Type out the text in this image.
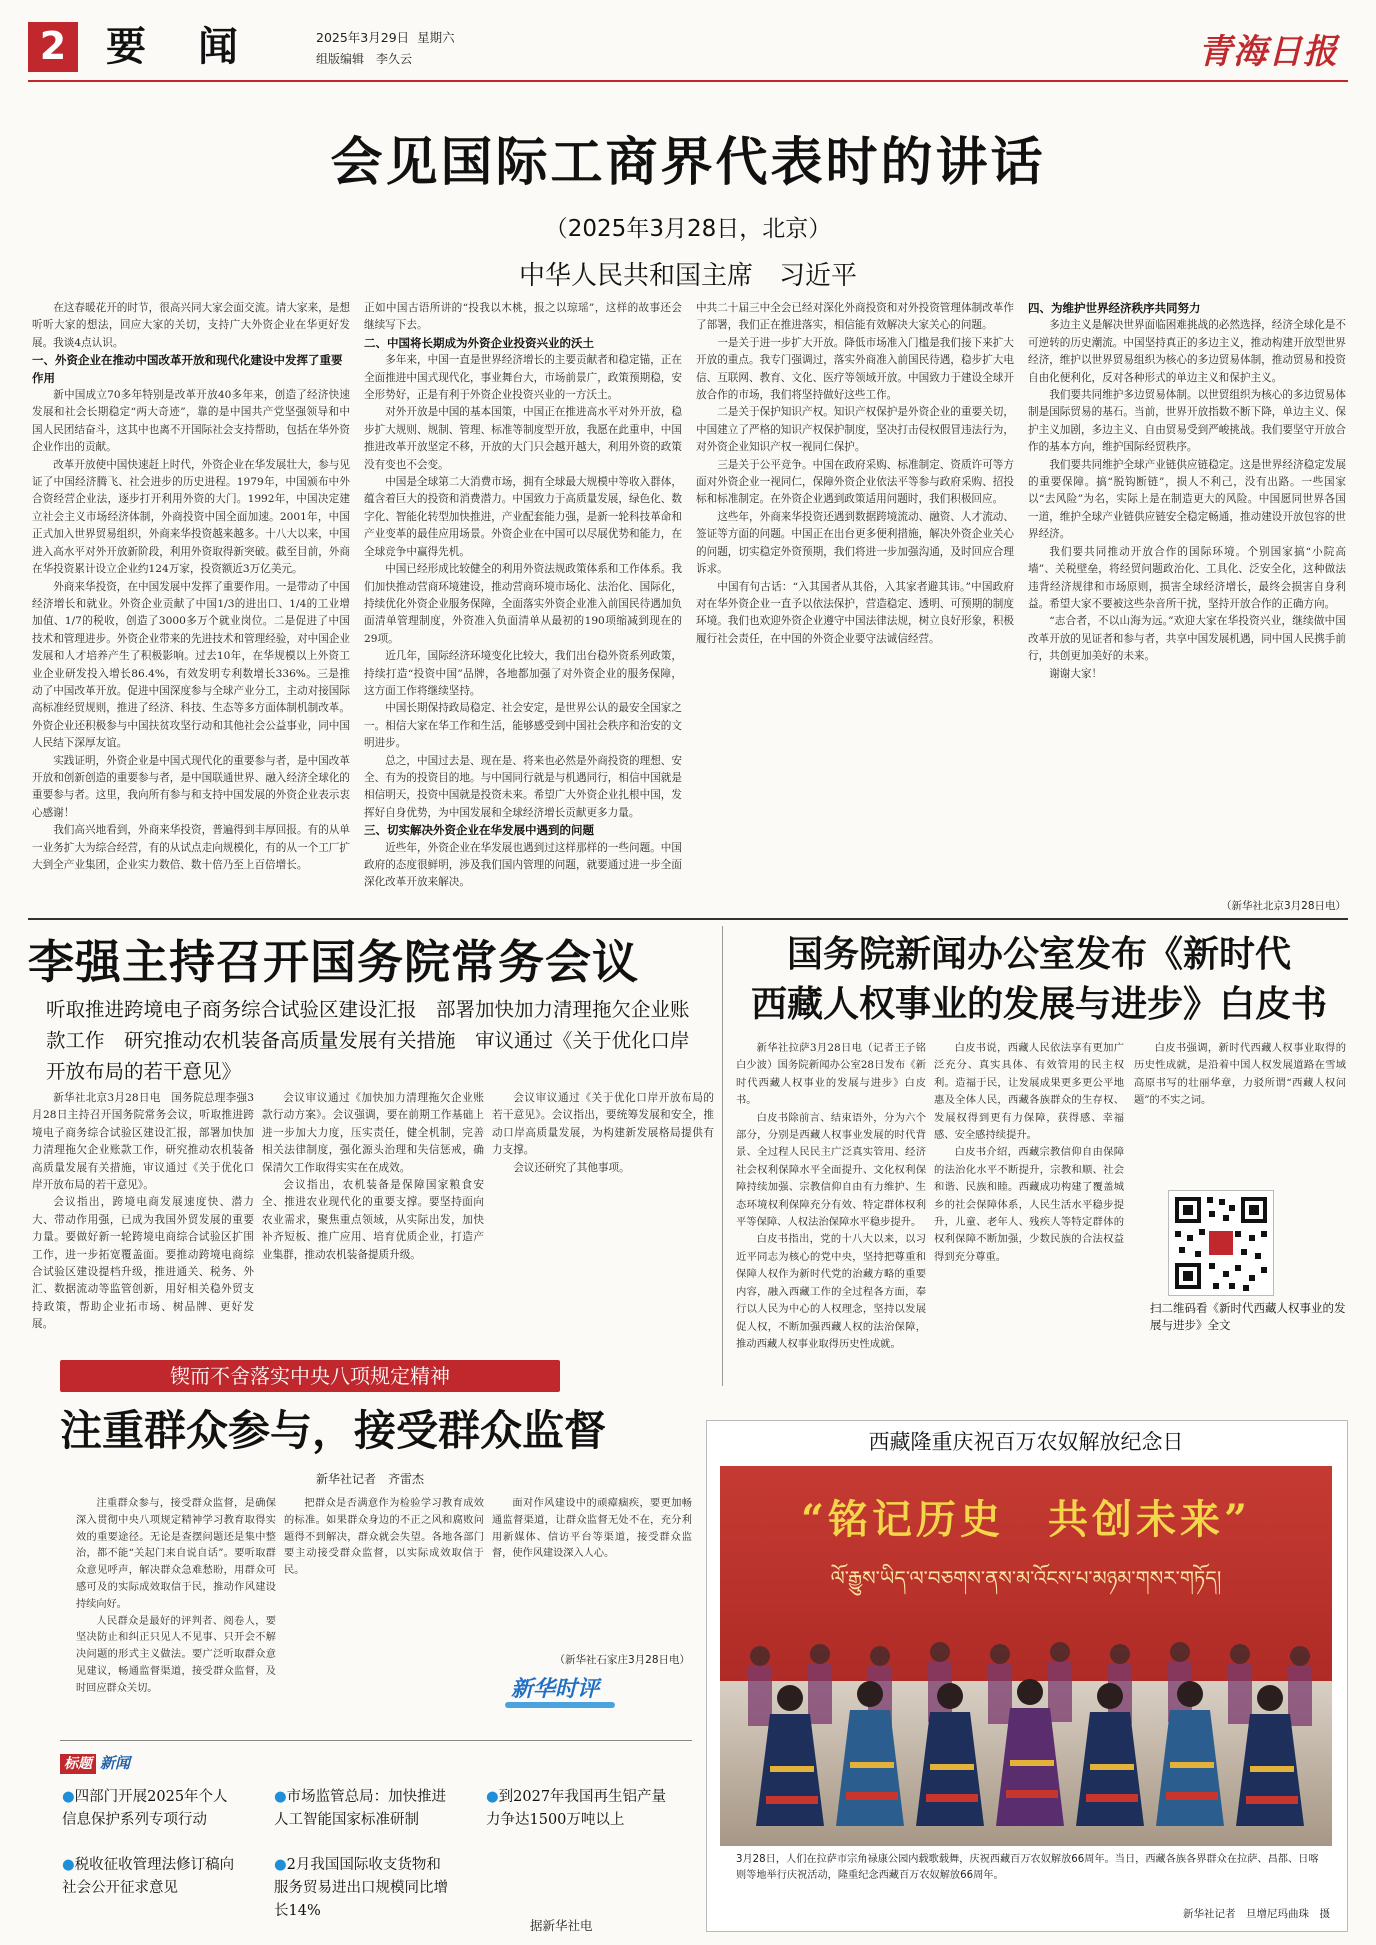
2 要　闻	2025年3月29日 星期六
组版编辑　李久云	青海日报
会见国际工商界代表时的讲话
（2025年3月28日，北京）
中华人民共和国主席　习近平

在这春暖花开的时节，很高兴同大家会面交流。请大家来，是想听听大家的想法，回应大家的关切，支持广大外资企业在华更好发展。我谈4点认识。

一、外资企业在推动中国改革开放和现代化建设中发挥了重要作用

新中国成立70多年特别是改革开放40多年来，创造了经济快速发展和社会长期稳定“两大奇迹”，靠的是中国共产党坚强领导和中国人民团结奋斗，这其中也离不开国际社会支持帮助，包括在华外资企业作出的贡献。

改革开放使中国快速赶上时代，外资企业在华发展壮大，参与见证了中国经济腾飞、社会进步的历史进程。1979年，中国颁布中外合资经营企业法，逐步打开利用外资的大门。1992年，中国决定建立社会主义市场经济体制，外商投资中国全面加速。2001年，中国正式加入世界贸易组织，外商来华投资越来越多。十八大以来，中国进入高水平对外开放新阶段，利用外资取得新突破。截至目前，外商在华投资累计设立企业约124万家，投资额近3万亿美元。

外商来华投资，在中国发展中发挥了重要作用。一是带动了中国经济增长和就业。外资企业贡献了中国1/3的进出口、1/4的工业增加值、1/7的税收，创造了3000多万个就业岗位。二是促进了中国技术和管理进步。外资企业带来的先进技术和管理经验，对中国企业发展和人才培养产生了积极影响。过去10年，在华规模以上外资工业企业研发投入增长86.4%，有效发明专利数增长336%。三是推动了中国改革开放。促进中国深度参与全球产业分工，主动对接国际高标准经贸规则，推进了经济、科技、生态等多方面体制机制改革。外资企业还积极参与中国扶贫攻坚行动和其他社会公益事业，同中国人民结下深厚友谊。

实践证明，外资企业是中国式现代化的重要参与者，是中国改革开放和创新创造的重要参与者，是中国联通世界、融入经济全球化的重要参与者。这里，我向所有参与和支持中国发展的外资企业表示衷心感谢！

我们高兴地看到，外商来华投资，普遍得到丰厚回报。有的从单一业务扩大为综合经营，有的从试点走向规模化，有的从一个工厂扩大到全产业集团，企业实力数倍、数十倍乃至上百倍增长。

正如中国古语所讲的“投我以木桃，报之以琼瑶”，这样的故事还会继续写下去。

二、中国将长期成为外资企业投资兴业的沃土

多年来，中国一直是世界经济增长的主要贡献者和稳定锚，正在全面推进中国式现代化，事业舞台大，市场前景广，政策预期稳，安全形势好，正是有利于外资企业投资兴业的一方沃土。

对外开放是中国的基本国策，中国正在推进高水平对外开放，稳步扩大规则、规制、管理、标准等制度型开放，我愿在此重申，中国推进改革开放坚定不移，开放的大门只会越开越大，利用外资的政策没有变也不会变。

中国是全球第二大消费市场，拥有全球最大规模中等收入群体，蕴含着巨大的投资和消费潜力。中国致力于高质量发展，绿色化、数字化、智能化转型加快推进，产业配套能力强，是新一轮科技革命和产业变革的最佳应用场景。外资企业在中国可以尽展优势和能力，在全球竞争中赢得先机。

中国已经形成比较健全的利用外资法规政策体系和工作体系。我们加快推动营商环境建设，推动营商环境市场化、法治化、国际化，持续优化外资企业服务保障，全面落实外资企业准入前国民待遇加负面清单管理制度，外资准入负面清单从最初的190项缩减到现在的29项。

近几年，国际经济环境变化比较大，我们出台稳外资系列政策，持续打造“投资中国”品牌，各地都加强了对外资企业的服务保障，这方面工作将继续坚持。

中国长期保持政局稳定、社会安定，是世界公认的最安全国家之一。相信大家在华工作和生活，能够感受到中国社会秩序和治安的文明进步。

总之，中国过去是、现在是、将来也必然是外商投资的理想、安全、有为的投资目的地。与中国同行就是与机遇同行，相信中国就是相信明天，投资中国就是投资未来。希望广大外资企业扎根中国，发挥好自身优势，为中国发展和全球经济增长贡献更多力量。

三、切实解决外资企业在华发展中遇到的问题

近些年，外资企业在华发展也遇到过这样那样的一些问题。中国政府的态度很鲜明，涉及我们国内管理的问题，就要通过进一步全面深化改革开放来解决。

中共二十届三中全会已经对深化外商投资和对外投资管理体制改革作了部署，我们正在推进落实，相信能有效解决大家关心的问题。

一是关于进一步扩大开放。降低市场准入门槛是我们接下来扩大开放的重点。我专门强调过，落实外商准入前国民待遇，稳步扩大电信、互联网、教育、文化、医疗等领域开放。中国致力于建设全球开放合作的市场，我们将坚持做好这些工作。

二是关于保护知识产权。知识产权保护是外资企业的重要关切，中国建立了严格的知识产权保护制度，坚决打击侵权假冒违法行为，对外资企业知识产权一视同仁保护。

三是关于公平竞争。中国在政府采购、标准制定、资质许可等方面对外资企业一视同仁，保障外资企业依法平等参与政府采购、招投标和标准制定。在外资企业遇到政策适用问题时，我们积极回应。

这些年，外商来华投资还遇到数据跨境流动、融资、人才流动、签证等方面的问题。中国正在出台更多便利措施，解决外资企业关心的问题，切实稳定外资预期，我们将进一步加强沟通，及时回应合理诉求。

中国有句古话：“入其国者从其俗，入其家者避其讳。”中国政府对在华外资企业一直予以依法保护，营造稳定、透明、可预期的制度环境。我们也欢迎外资企业遵守中国法律法规，树立良好形象，积极履行社会责任，在中国的外资企业要守法诚信经营。

四、为维护世界经济秩序共同努力

多边主义是解决世界面临困难挑战的必然选择，经济全球化是不可逆转的历史潮流。中国坚持真正的多边主义，推动构建开放型世界经济，维护以世界贸易组织为核心的多边贸易体制，推动贸易和投资自由化便利化，反对各种形式的单边主义和保护主义。

我们要共同维护多边贸易体制。以世贸组织为核心的多边贸易体制是国际贸易的基石。当前，世界开放指数不断下降，单边主义、保护主义加剧，多边主义、自由贸易受到严峻挑战。我们要坚守开放合作的基本方向，维护国际经贸秩序。

我们要共同维护全球产业链供应链稳定。这是世界经济稳定发展的重要保障。搞“脱钩断链”，损人不利己，没有出路。一些国家以“去风险”为名，实际上是在制造更大的风险。中国愿同世界各国一道，维护全球产业链供应链安全稳定畅通，推动建设开放包容的世界经济。

我们要共同推动开放合作的国际环境。个别国家搞“小院高墙”、关税壁垒，将经贸问题政治化、工具化、泛安全化，这种做法违背经济规律和市场原则，损害全球经济增长，最终会损害自身利益。希望大家不要被这些杂音所干扰，坚持开放合作的正确方向。

“志合者，不以山海为远。”欢迎大家在华投资兴业，继续做中国改革开放的见证者和参与者，共享中国发展机遇，同中国人民携手前行，共创更加美好的未来。

谢谢大家！

（新华社北京3月28日电）
李强主持召开国务院常务会议
听取推进跨境电子商务综合试验区建设汇报　部署加快加力清理拖欠企业账款工作　研究推动农机装备高质量发展有关措施　审议通过《关于优化口岸开放布局的若干意见》

新华社北京3月28日电　国务院总理李强3月28日主持召开国务院常务会议，听取推进跨境电子商务综合试验区建设汇报，部署加快加力清理拖欠企业账款工作，研究推动农机装备高质量发展有关措施，审议通过《关于优化口岸开放布局的若干意见》。

会议指出，跨境电商发展速度快、潜力大、带动作用强，已成为我国外贸发展的重要力量。要做好新一轮跨境电商综合试验区扩围工作，进一步拓宽覆盖面。要推动跨境电商综合试验区建设提档升级，推进通关、税务、外汇、数据流动等监管创新，用好相关稳外贸支持政策，帮助企业拓市场、树品牌、更好发展。

会议审议通过《加快加力清理拖欠企业账款行动方案》。会议强调，要在前期工作基础上进一步加大力度，压实责任，健全机制，完善相关法律制度，强化源头治理和失信惩戒，确保清欠工作取得实实在在成效。

会议指出，农机装备是保障国家粮食安全、推进农业现代化的重要支撑。要坚持面向农业需求，聚焦重点领域，从实际出发，加快补齐短板、推广应用、培育优质企业，打造产业集群，推动农机装备提质升级。

会议审议通过《关于优化口岸开放布局的若干意见》。会议指出，要统筹发展和安全，推动口岸高质量发展，为构建新发展格局提供有力支撑。

会议还研究了其他事项。

国务院新闻办公室发布《新时代
西藏人权事业的发展与进步》白皮书

新华社拉萨3月28日电（记者王子铭　白少波）国务院新闻办公室28日发布《新时代西藏人权事业的发展与进步》白皮书。

白皮书除前言、结束语外，分为六个部分，分别是西藏人权事业发展的时代背景、全过程人民民主广泛真实管用、经济社会权利保障水平全面提升、文化权利保障持续加强、宗教信仰自由有力维护、生态环境权利保障充分有效、特定群体权利平等保障、人权法治保障水平稳步提升。

白皮书指出，党的十八大以来，以习近平同志为核心的党中央，坚持把尊重和保障人权作为新时代党的治藏方略的重要内容，融入西藏工作的全过程各方面，奉行以人民为中心的人权理念，坚持以发展促人权，不断加强西藏人权的法治保障，推动西藏人权事业取得历史性成就。

白皮书说，西藏人民依法享有更加广泛充分、真实具体、有效管用的民主权利。造福于民，让发展成果更多更公平地惠及全体人民，西藏各族群众的生存权、发展权得到更有力保障，获得感、幸福感、安全感持续提升。

白皮书介绍，西藏宗教信仰自由保障的法治化水平不断提升，宗教和顺、社会和谐、民族和睦。西藏成功构建了覆盖城乡的社会保障体系，人民生活水平稳步提升，儿童、老年人、残疾人等特定群体的权利保障不断加强，少数民族的合法权益得到充分尊重。

白皮书强调，新时代西藏人权事业取得的历史性成就，是沿着中国人权发展道路在雪域高原书写的壮丽华章，力驳所谓“西藏人权问题”的不实之词。

扫二维码看《新时代西藏人权事业的发展与进步》全文
锲而不舍落实中央八项规定精神
注重群众参与，接受群众监督
新华社记者　齐雷杰

注重群众参与，接受群众监督，是确保深入贯彻中央八项规定精神学习教育取得实效的重要途径。无论是查摆问题还是集中整治，都不能“关起门来自说自话”。要听取群众意见呼声，解决群众急难愁盼，用群众可感可及的实际成效取信于民，推动作风建设持续向好。

人民群众是最好的评判者、阅卷人，要坚决防止和纠正只见人不见事、只开会不解决问题的形式主义做法。要广泛听取群众意见建议，畅通监督渠道，接受群众监督，及时回应群众关切。

把群众是否满意作为检验学习教育成效的标准。如果群众身边的不正之风和腐败问题得不到解决，群众就会失望。各地各部门要主动接受群众监督，以实际成效取信于民。

面对作风建设中的顽瘴痼疾，要更加畅通监督渠道，让群众监督无处不在，充分利用新媒体、信访平台等渠道，接受群众监督，使作风建设深入人心。

（新华社石家庄3月28日电）
新华时评
标题 新闻
●四部门开展2025年个人信息保护系列专项行动
●税收征收管理法修订稿向社会公开征求意见
●市场监管总局：加快推进人工智能国家标准研制
●2月我国国际收支货物和服务贸易进出口规模同比增长14%
●到2027年我国再生铝产量力争达1500万吨以上
据新华社电
西藏隆重庆祝百万农奴解放纪念日
“铭记历史　共创未来”
ལོ་རྒྱུས་ཡིད་ལ་བཅགས་ནས་མ་འོངས་པ་མཉམ་གསར་གཏོད།
3月28日，人们在拉萨市宗角禄康公园内载歌载舞，庆祝西藏百万农奴解放66周年。当日，西藏各族各界群众在拉萨、昌都、日喀则等地举行庆祝活动，隆重纪念西藏百万农奴解放66周年。
新华社记者　旦增尼玛曲珠　摄
